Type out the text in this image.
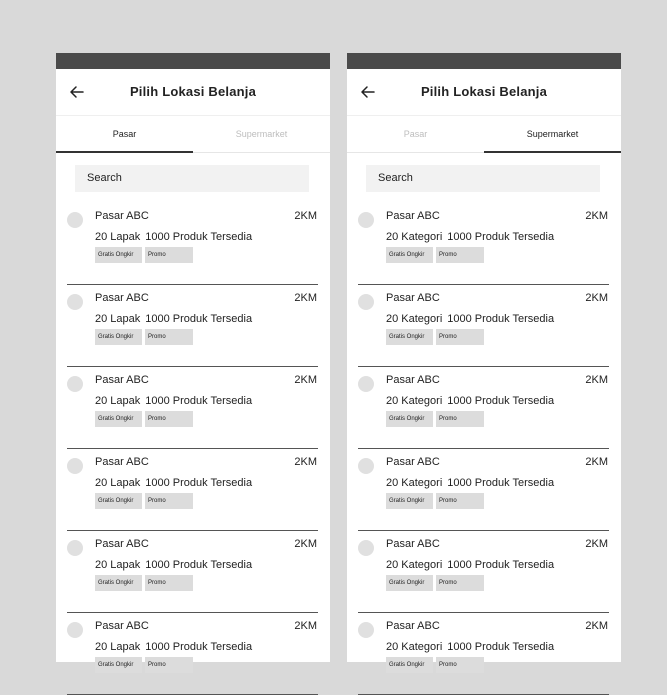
Pilih Lokasi Belanja
Pasar	Supermarket
Search
Pasar ABC	2KM
20 Lapak 1000 Produk Tersedia
Gratis Ongkir	Promo
Pasar ABC	2KM
20 Lapak 1000 Produk Tersedia
Gratis Ongkir	Promo
Pasar ABC	2KM
20 Lapak 1000 Produk Tersedia
Gratis Ongkir	Promo
Pasar ABC	2KM
20 Lapak 1000 Produk Tersedia
Gratis Ongkir	Promo
Pasar ABC	2KM
20 Lapak 1000 Produk Tersedia
Gratis Ongkir	Promo
Pasar ABC	2KM
20 Lapak 1000 Produk Tersedia
Gratis Ongkir	Promo
Pilih Lokasi Belanja
Pasar	Supermarket
Search
Pasar ABC	2KM
20 Kategori 1000 Produk Tersedia
Gratis Ongkir	Promo
Pasar ABC	2KM
20 Kategori 1000 Produk Tersedia
Gratis Ongkir	Promo
Pasar ABC	2KM
20 Kategori 1000 Produk Tersedia
Gratis Ongkir	Promo
Pasar ABC	2KM
20 Kategori 1000 Produk Tersedia
Gratis Ongkir	Promo
Pasar ABC	2KM
20 Kategori 1000 Produk Tersedia
Gratis Ongkir	Promo
Pasar ABC	2KM
20 Kategori 1000 Produk Tersedia
Gratis Ongkir	Promo
